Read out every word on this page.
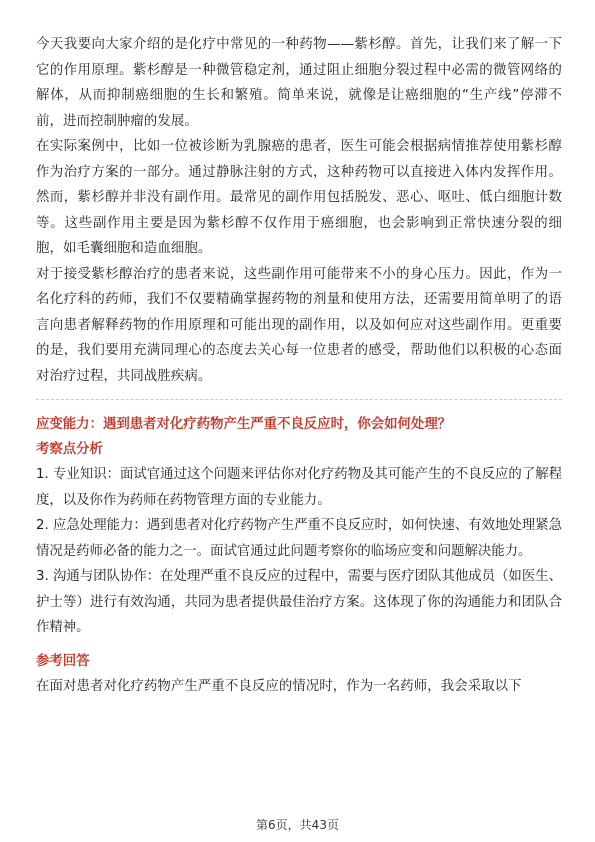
今天我要向大家介绍的是化疗中常见的一种药物——紫杉醇。首先，让我们来了解一下它的作用原理。紫杉醇是一种微管稳定剂，通过阻止细胞分裂过程中必需的微管网络的解体，从而抑制癌细胞的生长和繁殖。简单来说，就像是让癌细胞的“生产线”停滞不前，进而控制肿瘤的发展。

在实际案例中，比如一位被诊断为乳腺癌的患者，医生可能会根据病情推荐使用紫杉醇作为治疗方案的一部分。通过静脉注射的方式，这种药物可以直接进入体内发挥作用。然而，紫杉醇并非没有副作用。最常见的副作用包括脱发、恶心、呕吐、低白细胞计数等。这些副作用主要是因为紫杉醇不仅作用于癌细胞，也会影响到正常快速分裂的细胞，如毛囊细胞和造血细胞。

对于接受紫杉醇治疗的患者来说，这些副作用可能带来不小的身心压力。因此，作为一名化疗科的药师，我们不仅要精确掌握药物的剂量和使用方法，还需要用简单明了的语言向患者解释药物的作用原理和可能出现的副作用，以及如何应对这些副作用。更重要的是，我们要用充满同理心的态度去关心每一位患者的感受，帮助他们以积极的心态面对治疗过程，共同战胜疾病。

应变能力：遇到患者对化疗药物产生严重不良反应时，你会如何处理？

考察点分析

1. 专业知识：面试官通过这个问题来评估你对化疗药物及其可能产生的不良反应的了解程度，以及你作为药师在药物管理方面的专业能力。

2. 应急处理能力：遇到患者对化疗药物产生严重不良反应时，如何快速、有效地处理紧急情况是药师必备的能力之一。面试官通过此问题考察你的临场应变和问题解决能力。

3. 沟通与团队协作：在处理严重不良反应的过程中，需要与医疗团队其他成员（如医生、护士等）进行有效沟通，共同为患者提供最佳治疗方案。这体现了你的沟通能力和团队合作精神。

参考回答

在面对患者对化疗药物产生严重不良反应的情况时，作为一名药师，我会采取以下

第6页，共43页
